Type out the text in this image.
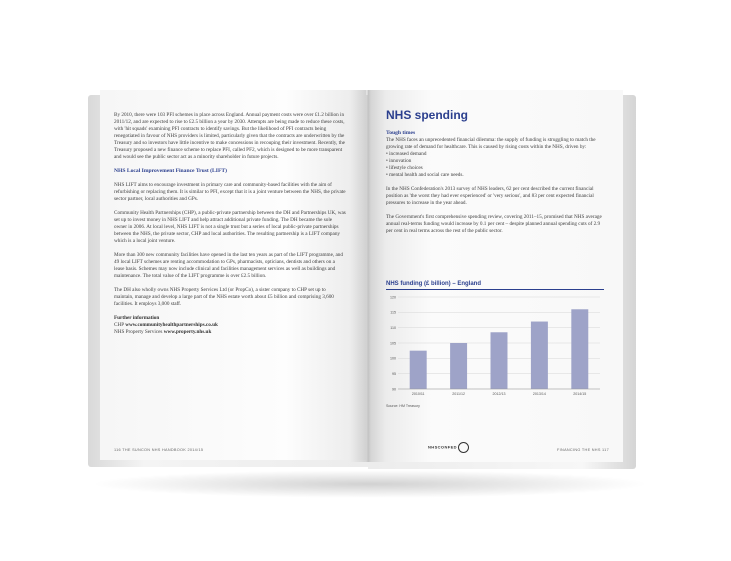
By 2010, there were 103 PFI schemes in place across England. Annual payment costs were over £1.2 billion in 2011/12, and are expected to rise to £2.5 billion a year by 2030. Attempts are being made to reduce these costs, with 'hit squads' examining PFI contracts to identify savings. But the likelihood of PFI contracts being renegotiated in favour of NHS providers is limited, particularly given that the contracts are underwritten by the Treasury and so investors have little incentive to make concessions in recouping their investment. Recently, the Treasury proposed a new finance scheme to replace PFI, called PF2, which is designed to be more transparent and would see the public sector act as a minority shareholder in future projects.

NHS Local Improvement Finance Trust (LIFT)

NHS LIFT aims to encourage investment in primary care and community-based facilities with the aim of refurbishing or replacing them. It is similar to PFI, except that it is a joint venture between the NHS, the private sector partner, local authorities and GPs.

Community Health Partnerships (CHP), a public-private partnership between the DH and Partnerships UK, was set up to invest money in NHS LIFT and help attract additional private funding. The DH became the sole owner in 2006. At local level, NHS LIFT is not a single trust but a series of local public-private partnerships between the NHS, the private sector, CHP and local authorities. The resulting partnership is a LIFT company which is a local joint venture.

More than 300 new community facilities have opened in the last ten years as part of the LIFT programme, and 49 local LIFT schemes are renting accommodation to GPs, pharmacists, opticians, dentists and others on a lease basis. Schemes may now include clinical and facilities management services as well as buildings and maintenance. The total value of the LIFT programme is over £2.5 billion.

The DH also wholly owns NHS Property Services Ltd (or PropCo), a sister company to CHP set up to maintain, manage and develop a large part of the NHS estate worth about £5 billion and comprising 3,600 facilities. It employs 3,000 staff.

Further information
CHP www.communityhealthpartnerships.co.uk
NHS Property Services www.property.nhs.uk
116 THE SUNCON NHS HANDBOOK 2014/15
NHS spending

Tough times

The NHS faces an unprecedented financial dilemma: the supply of funding is struggling to match the growing rate of demand for healthcare. This is caused by rising costs within the NHS, driven by:
• increased demand
• innovation
• lifestyle choices
• mental health and social care needs.

In the NHS Confederation's 2013 survey of NHS leaders, 62 per cent described the current financial position as 'the worst they had ever experienced' or 'very serious', and 83 per cent expected financial pressures to increase in the year ahead.

The Government's first comprehensive spending review, covering 2011–15, promised that NHS average annual real-terms funding would increase by 0.1 per cent – despite planned annual spending cuts of 2.9 per cent in real terms across the rest of the public sector.

NHS funding (£ billion) – England
90
95
100
105
110
115
120
2010/11	2011/12	2012/13	2013/14	2014/15
Source: HM Treasury
NHSCONFED
FINANCING THE NHS 117
